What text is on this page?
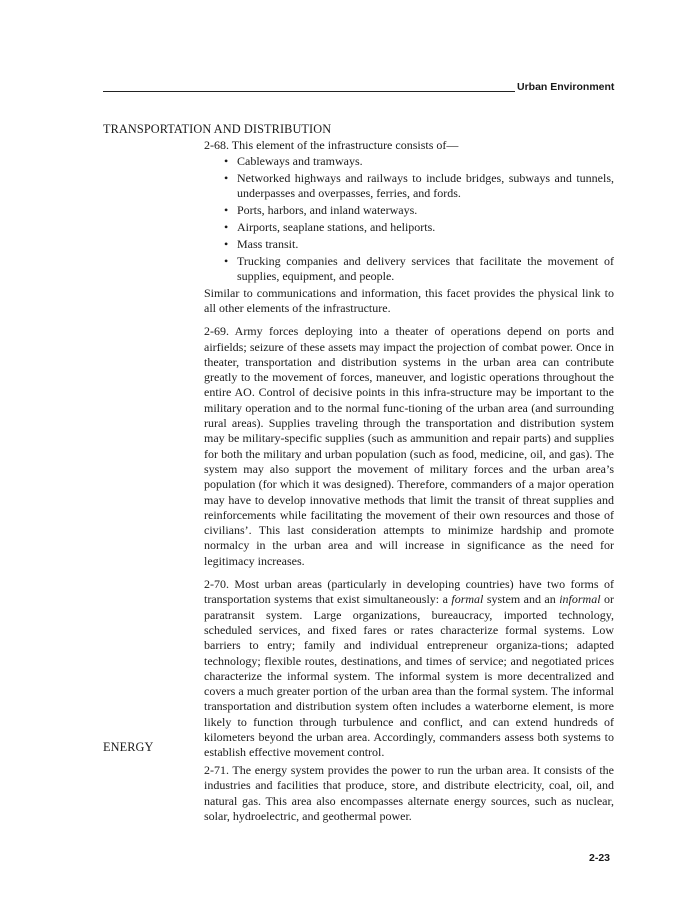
Urban Environment
TRANSPORTATION AND DISTRIBUTION

2-68. This element of the infrastructure consists of—

• Cableways and tramways.
• Networked highways and railways to include bridges, subways and tunnels, underpasses and overpasses, ferries, and fords.
• Ports, harbors, and inland waterways.
• Airports, seaplane stations, and heliports.
• Mass transit.
• Trucking companies and delivery services that facilitate the movement of supplies, equipment, and people.

Similar to communications and information, this facet provides the physical link to all other elements of the infrastructure.

2-69. Army forces deploying into a theater of operations depend on ports and airfields; seizure of these assets may impact the projection of combat power. Once in theater, transportation and distribution systems in the urban area can contribute greatly to the movement of forces, maneuver, and logistic operations throughout the entire AO. Control of decisive points in this infra-structure may be important to the military operation and to the normal func-tioning of the urban area (and surrounding rural areas). Supplies traveling through the transportation and distribution system may be military-specific supplies (such as ammunition and repair parts) and supplies for both the military and urban population (such as food, medicine, oil, and gas). The system may also support the movement of military forces and the urban area’s population (for which it was designed). Therefore, commanders of a major operation may have to develop innovative methods that limit the transit of threat supplies and reinforcements while facilitating the movement of their own resources and those of civilians’. This last consideration attempts to minimize hardship and promote normalcy in the urban area and will increase in significance as the need for legitimacy increases.

2-70. Most urban areas (particularly in developing countries) have two forms of transportation systems that exist simultaneously: a formal system and an informal or paratransit system. Large organizations, bureaucracy, imported technology, scheduled services, and fixed fares or rates characterize formal systems. Low barriers to entry; family and individual entrepreneur organiza-tions; adapted technology; flexible routes, destinations, and times of service; and negotiated prices characterize the informal system. The informal system is more decentralized and covers a much greater portion of the urban area than the formal system. The informal transportation and distribution system often includes a waterborne element, is more likely to function through turbulence and conflict, and can extend hundreds of kilometers beyond the urban area. Accordingly, commanders assess both systems to establish effective movement control.

ENERGY

2-71. The energy system provides the power to run the urban area. It consists of the industries and facilities that produce, store, and distribute electricity, coal, oil, and natural gas. This area also encompasses alternate energy sources, such as nuclear, solar, hydroelectric, and geothermal power.

2-23
